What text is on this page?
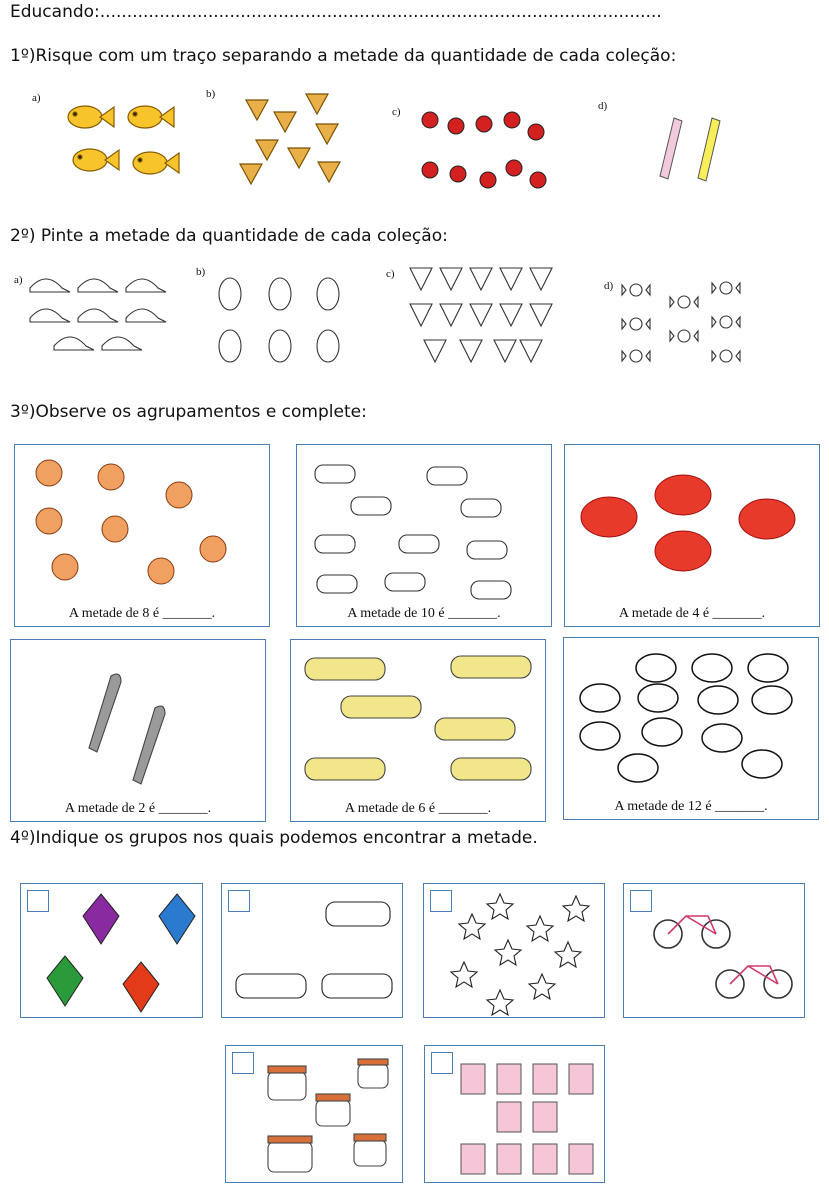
Educando:........................................................................................................
1º)Risque com um traço separando a metade da quantidade de cada coleção:
a)	b)
c)	d)
2º) Pinte a metade da quantidade de cada coleção:
a)
b)	c)
d)
3º)Observe os agrupamentos e complete:
A metade de 8 é _______.	A metade de 10 é _______.	A metade de 4 é _______.
A metade de 2 é _______.	A metade de 6 é _______.	A metade de 12 é _______.
4º)Indique os grupos nos quais podemos encontrar a metade.
